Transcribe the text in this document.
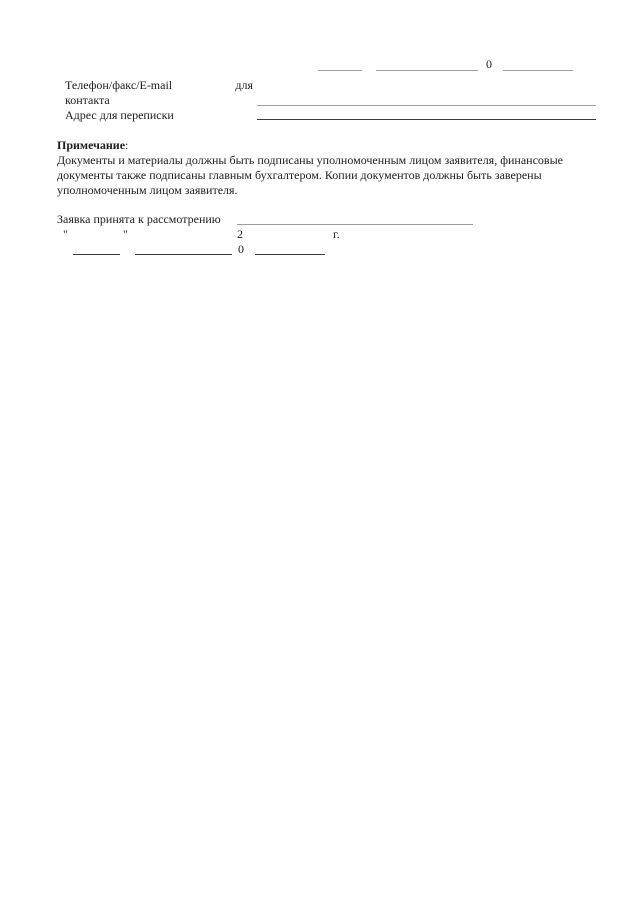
0
Телефон/факс/E-mail	для
контакта
Адрес для переписки
Примечание:
Документы и материалы должны быть подписаны уполномоченным лицом заявителя, финансовые
документы также подписаны главным бухгалтером. Копии документов должны быть заверены
уполномоченным лицом заявителя.
Заявка принята к рассмотрению
"	"	2	г.
0
